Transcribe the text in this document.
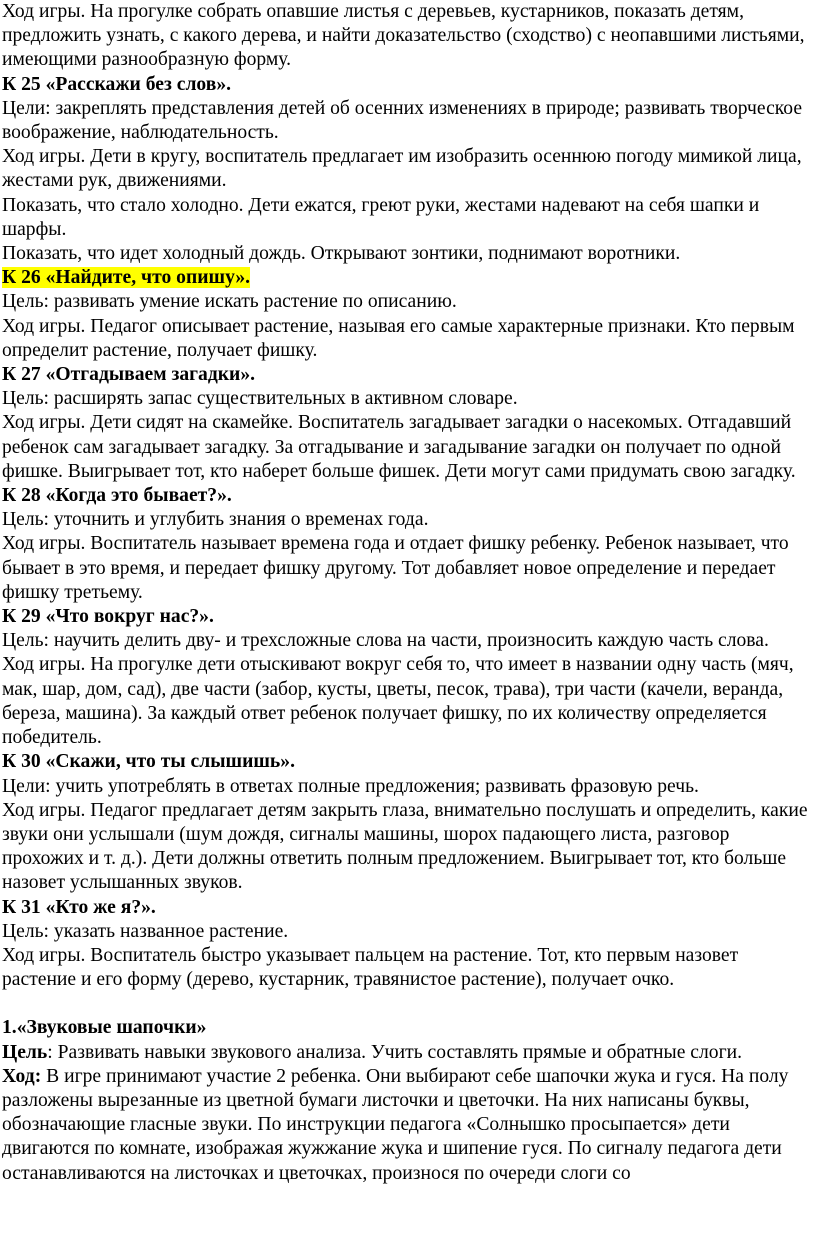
Ход игры. На прогулке собрать опавшие листья с деревьев, кустарников, показать детям, предложить узнать, с какого дерева, и найти доказательство (сходство) с неопавшими листьями, имеющими разнообразную форму.

К 25 «Расскажи без слов».

Цели: закреплять представления детей об осенних изменениях в природе; развивать творческое воображение, наблюдательность.

Ход игры. Дети в кругу, воспитатель предлагает им изобразить осеннюю погоду мимикой лица, жестами рук, движениями.

Показать, что стало холодно. Дети ежатся, греют руки, жестами надевают на себя шапки и шарфы.

Показать, что идет холодный дождь. Открывают зонтики, поднимают воротники.

К 26 «Найдите, что опишу».

Цель: развивать умение искать растение по описанию.

Ход игры. Педагог описывает растение, называя его самые характерные признаки. Кто первым определит растение, получает фишку.

К 27 «Отгадываем загадки».

Цель: расширять запас существительных в активном словаре.

Ход игры. Дети сидят на скамейке. Воспитатель загадывает загадки о насекомых. Отгадавший ребенок сам загадывает загадку. За отгадывание и загадывание загадки он получает по одной фишке. Выигрывает тот, кто наберет больше фишек. Дети могут сами придумать свою загадку.

К 28 «Когда это бывает?».

Цель: уточнить и углубить знания о временах года.

Ход игры. Воспитатель называет времена года и отдает фишку ребенку. Ребенок называет, что бывает в это время, и передает фишку другому. Тот добавляет новое определение и передает фишку третьему.

К 29 «Что вокруг нас?».

Цель: научить делить дву- и трехсложные слова на части, произносить каждую часть слова.

Ход игры. На прогулке дети отыскивают вокруг себя то, что имеет в названии одну часть (мяч, мак, шар, дом, сад), две части (забор, кусты, цветы, песок, трава), три части (качели, веранда, береза, машина). За каждый ответ ребенок получает фишку, по их количеству определяется победитель.

К 30 «Скажи, что ты слышишь».

Цели: учить употреблять в ответах полные предложения; развивать фразовую речь.

Ход игры. Педагог предлагает детям закрыть глаза, внимательно послушать и определить, какие звуки они услышали (шум дождя, сигналы машины, шорох падающего листа, разговор прохожих и т. д.). Дети должны ответить полным предложением. Выигрывает тот, кто больше назовет услышанных звуков.

К 31 «Кто же я?».

Цель: указать названное растение.

Ход игры. Воспитатель быстро указывает пальцем на растение. Тот, кто первым назовет растение и его форму (дерево, кустарник, травянистое растение), получает очко.

1.«Звуковые шапочки»

Цель: Развивать навыки звукового анализа. Учить составлять прямые и обратные слоги.

Ход: В игре принимают участие 2 ребенка. Они выбирают себе шапочки жука и гуся. На полу разложены вырезанные из цветной бумаги листочки и цветочки. На них написаны буквы, обозначающие гласные звуки. По инструкции педагога «Солнышко просыпается» дети двигаются по комнате, изображая жужжание жука и шипение гуся. По сигналу педагога дети останавливаются на листочках и цветочках, произнося по очереди слоги со
